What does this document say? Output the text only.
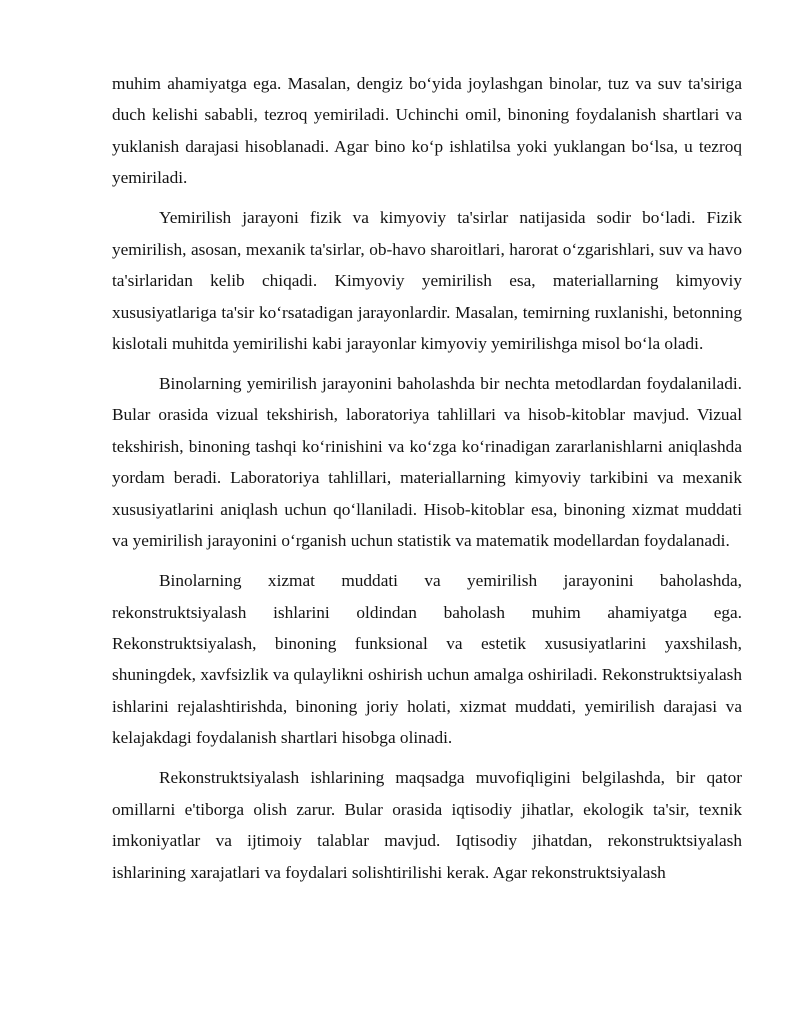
muhim ahamiyatga ega. Masalan, dengiz bo‘yida joylashgan binolar, tuz va suv ta'siriga duch kelishi sababli, tezroq yemiriladi. Uchinchi omil, binoning foydalanish shartlari va yuklanish darajasi hisoblanadi. Agar bino ko‘p ishlatilsa yoki yuklangan bo‘lsa, u tezroq yemiriladi.

Yemirilish jarayoni fizik va kimyoviy ta'sirlar natijasida sodir bo‘ladi. Fizik yemirilish, asosan, mexanik ta'sirlar, ob-havo sharoitlari, harorat o‘zgarishlari, suv va havo ta'sirlaridan kelib chiqadi. Kimyoviy yemirilish esa, materiallarning kimyoviy xususiyatlariga ta'sir ko‘rsatadigan jarayonlardir. Masalan, temirning ruxlanishi, betonning kislotali muhitda yemirilishi kabi jarayonlar kimyoviy yemirilishga misol bo‘la oladi.

Binolarning yemirilish jarayonini baholashda bir nechta metodlardan foydalaniladi. Bular orasida vizual tekshirish, laboratoriya tahlillari va hisob-kitoblar mavjud. Vizual tekshirish, binoning tashqi ko‘rinishini va ko‘zga ko‘rinadigan zararlanishlarni aniqlashda yordam beradi. Laboratoriya tahlillari, materiallarning kimyoviy tarkibini va mexanik xususiyatlarini aniqlash uchun qo‘llaniladi. Hisob-kitoblar esa, binoning xizmat muddati va yemirilish jarayonini o‘rganish uchun statistik va matematik modellardan foydalanadi.

Binolarning xizmat muddati va yemirilish jarayonini baholashda, rekonstruktsiyalash ishlarini oldindan baholash muhim ahamiyatga ega. Rekonstruktsiyalash, binoning funksional va estetik xususiyatlarini yaxshilash, shuningdek, xavfsizlik va qulaylikni oshirish uchun amalga oshiriladi. Rekonstruktsiyalash ishlarini rejalashtirishda, binoning joriy holati, xizmat muddati, yemirilish darajasi va kelajakdagi foydalanish shartlari hisobga olinadi.

Rekonstruktsiyalash ishlarining maqsadga muvofiqligini belgilashda, bir qator omillarni e'tiborga olish zarur. Bular orasida iqtisodiy jihatlar, ekologik ta'sir, texnik imkoniyatlar va ijtimoiy talablar mavjud. Iqtisodiy jihatdan, rekonstruktsiyalash ishlarining xarajatlari va foydalari solishtirilishi kerak. Agar rekonstruktsiyalash
